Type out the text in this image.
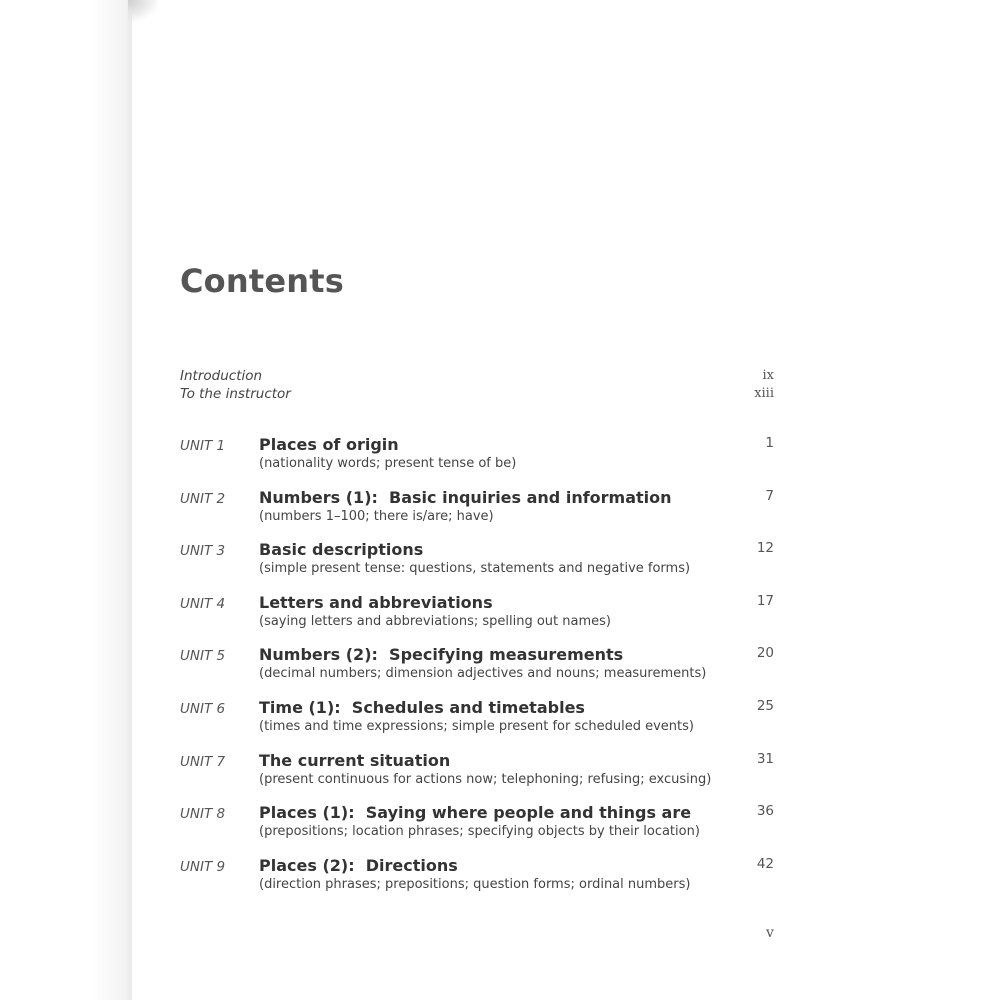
Contents
Introduction	ix
To the instructor	xiii
UNIT 1 Places of origin
(nationality words; present tense of be)
1
UNIT 2 Numbers (1):  Basic inquiries and information
(numbers 1–100; there is/are; have)
7
UNIT 3 Basic descriptions
(simple present tense: questions, statements and negative forms)
12
UNIT 4 Letters and abbreviations
(saying letters and abbreviations; spelling out names)
17
UNIT 5 Numbers (2):  Specifying measurements
(decimal numbers; dimension adjectives and nouns; measurements)
20
UNIT 6 Time (1):  Schedules and timetables
(times and time expressions; simple present for scheduled events)
25
UNIT 7 The current situation
(present continuous for actions now; telephoning; refusing; excusing)
31
UNIT 8 Places (1):  Saying where people and things are
(prepositions; location phrases; specifying objects by their location)
36
UNIT 9 Places (2):  Directions
(direction phrases; prepositions; question forms; ordinal numbers)
42
v
